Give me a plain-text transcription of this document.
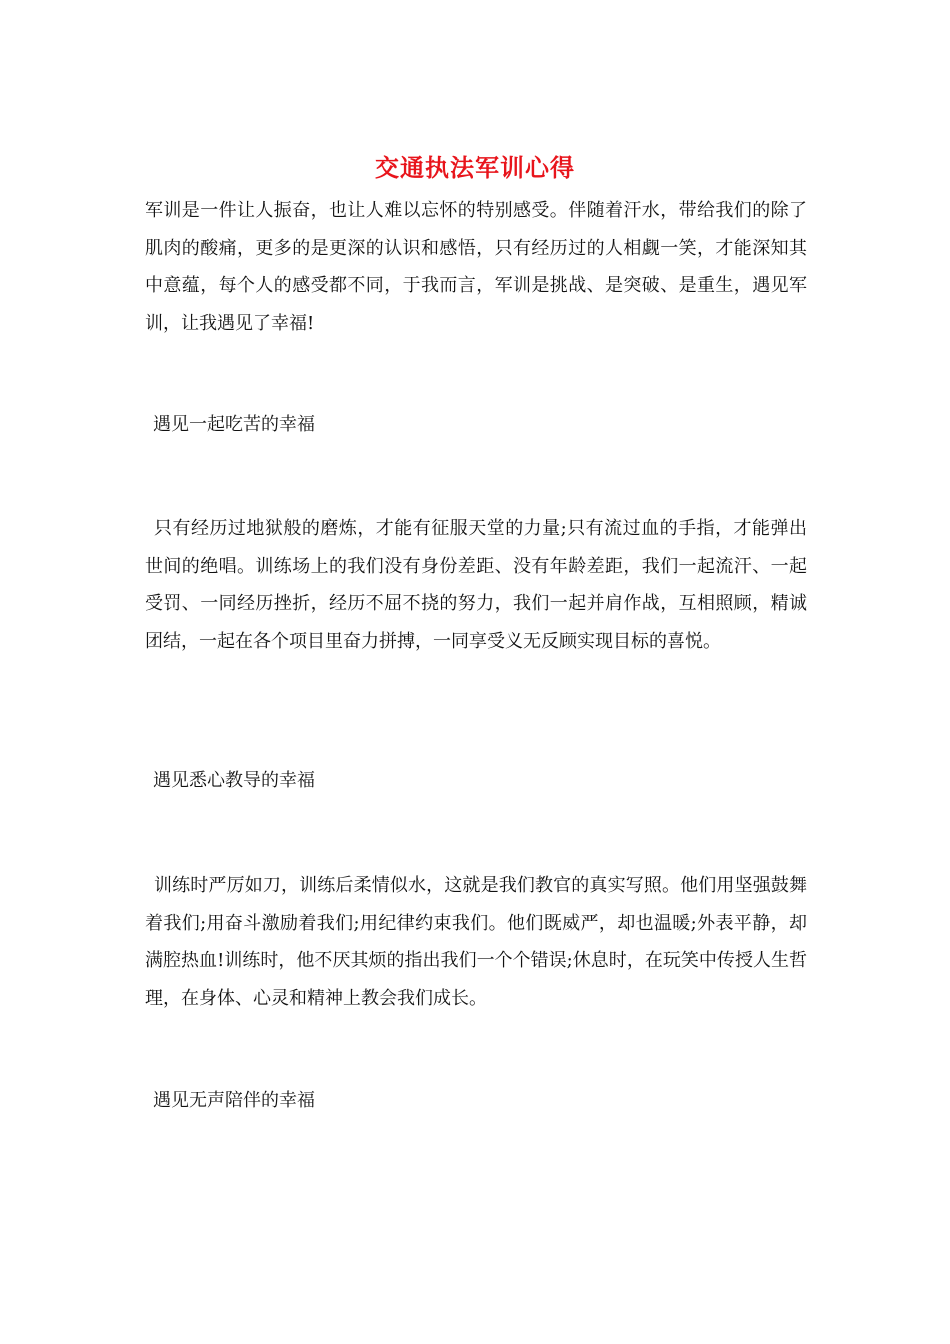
交通执法军训心得

军训是一件让人振奋，也让人难以忘怀的特别感受。伴随着汗水，带给我们的除了肌肉的酸痛，更多的是更深的认识和感悟，只有经历过的人相觑一笑，才能深知其中意蕴，每个人的感受都不同，于我而言，军训是挑战、是突破、是重生，遇见军训，让我遇见了幸福!

遇见一起吃苦的幸福

只有经历过地狱般的磨炼，才能有征服天堂的力量;只有流过血的手指，才能弹出世间的绝唱。训练场上的我们没有身份差距、没有年龄差距，我们一起流汗、一起受罚、一同经历挫折，经历不屈不挠的努力，我们一起并肩作战，互相照顾，精诚团结，一起在各个项目里奋力拼搏，一同享受义无反顾实现目标的喜悦。

遇见悉心教导的幸福

训练时严厉如刀，训练后柔情似水，这就是我们教官的真实写照。他们用坚强鼓舞着我们;用奋斗激励着我们;用纪律约束我们。他们既威严，却也温暖;外表平静，却满腔热血!训练时，他不厌其烦的指出我们一个个错误;休息时，在玩笑中传授人生哲理，在身体、心灵和精神上教会我们成长。

遇见无声陪伴的幸福
